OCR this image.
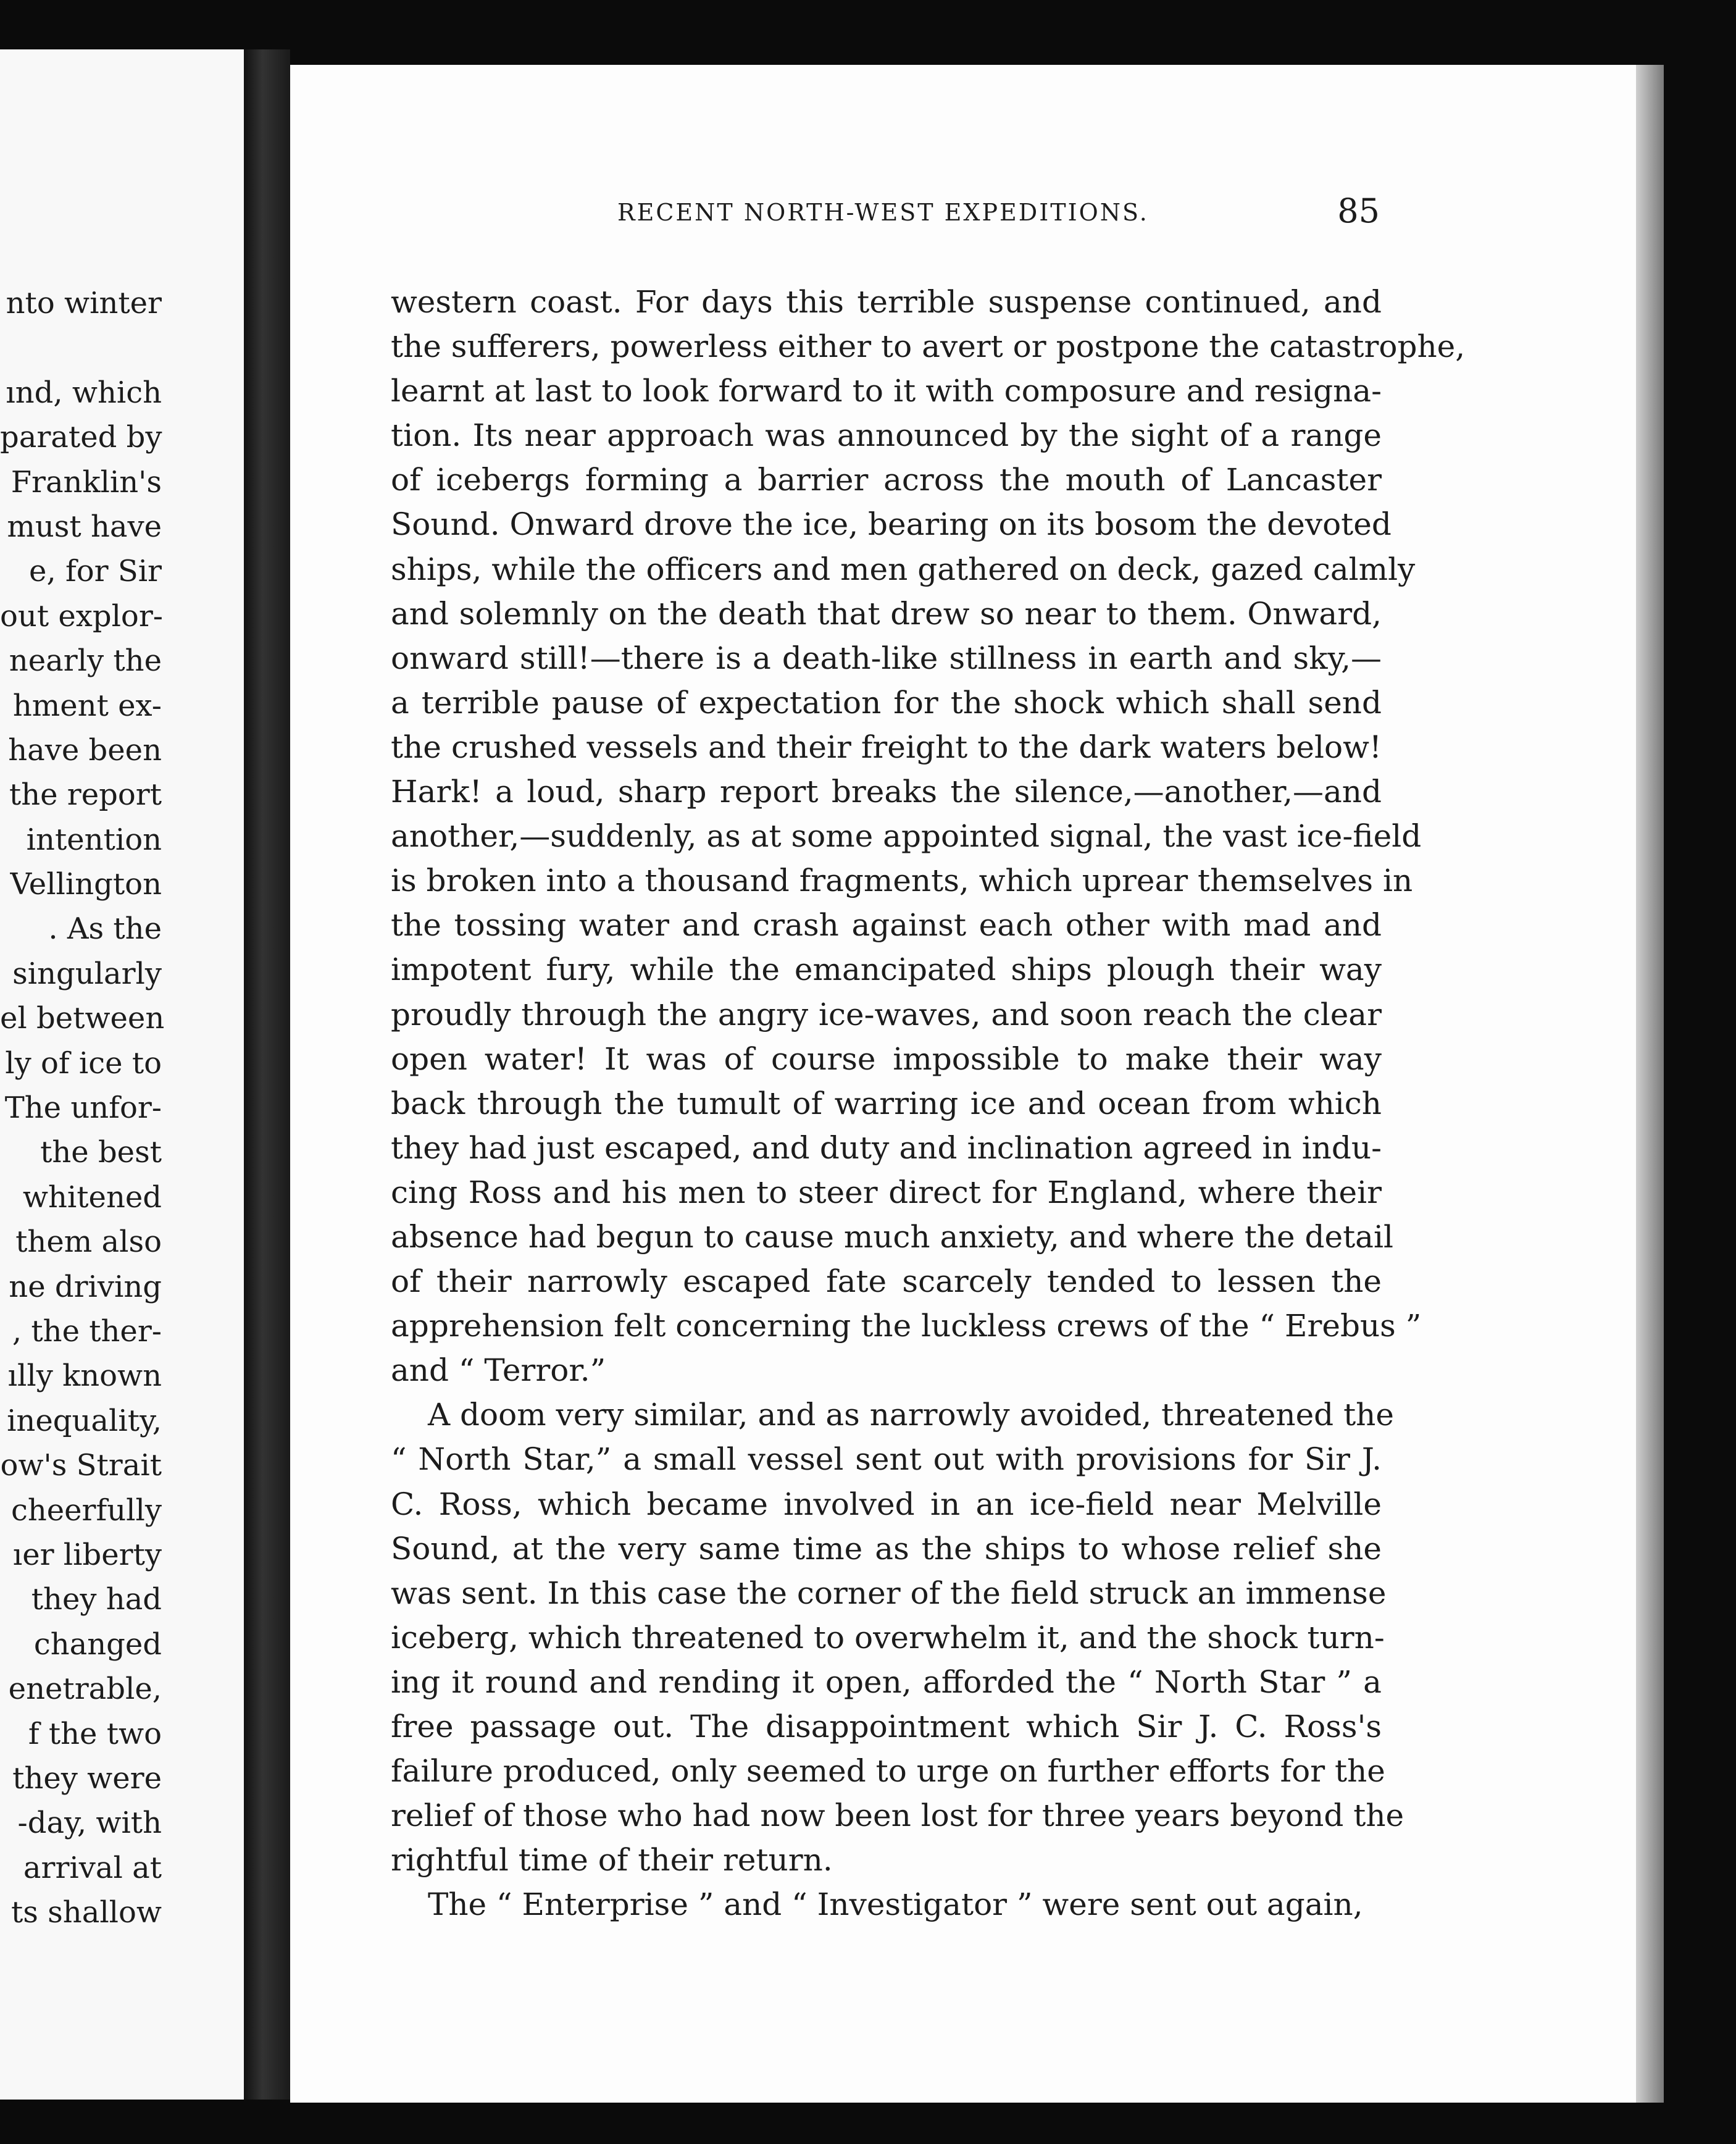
nto winter
ınd, which
parated by
Franklin's
must have
e, for Sir
out explor-
nearly the
hment ex-
have been
the report
intention
Vellington
. As the
singularly
el between
ly of ice to
The unfor-
the best
whitened
them also
ne driving
, the ther-
ılly known
inequality,
ow's Strait
cheerfully
ıer liberty
they had
changed
enetrable,
f the two
they were
-day, with
arrival at
ts shallow
RECENT NORTH-WEST EXPEDITIONS.	85
western coast. For days this terrible suspense continued, and
the sufferers, powerless either to avert or postpone the catastrophe,
learnt at last to look forward to it with composure and resigna-
tion. Its near approach was announced by the sight of a range
of icebergs forming a barrier across the mouth of Lancaster
Sound. Onward drove the ice, bearing on its bosom the devoted
ships, while the officers and men gathered on deck, gazed calmly
and solemnly on the death that drew so near to them. Onward,
onward still!—there is a death-like stillness in earth and sky,—
a terrible pause of expectation for the shock which shall send
the crushed vessels and their freight to the dark waters below!
Hark! a loud, sharp report breaks the silence,—another,—and
another,—suddenly, as at some appointed signal, the vast ice-field
is broken into a thousand fragments, which uprear themselves in
the tossing water and crash against each other with mad and
impotent fury, while the emancipated ships plough their way
proudly through the angry ice-waves, and soon reach the clear
open water! It was of course impossible to make their way
back through the tumult of warring ice and ocean from which
they had just escaped, and duty and inclination agreed in indu-
cing Ross and his men to steer direct for England, where their
absence had begun to cause much anxiety, and where the detail
of their narrowly escaped fate scarcely tended to lessen the
apprehension felt concerning the luckless crews of the “ Erebus ”
and “ Terror.”
A doom very similar, and as narrowly avoided, threatened the
“ North Star,” a small vessel sent out with provisions for Sir J.
C. Ross, which became involved in an ice-field near Melville
Sound, at the very same time as the ships to whose relief she
was sent. In this case the corner of the field struck an immense
iceberg, which threatened to overwhelm it, and the shock turn-
ing it round and rending it open, afforded the “ North Star ” a
free passage out. The disappointment which Sir J. C. Ross's
failure produced, only seemed to urge on further efforts for the
relief of those who had now been lost for three years beyond the
rightful time of their return.
The “ Enterprise ” and “ Investigator ” were sent out again,
